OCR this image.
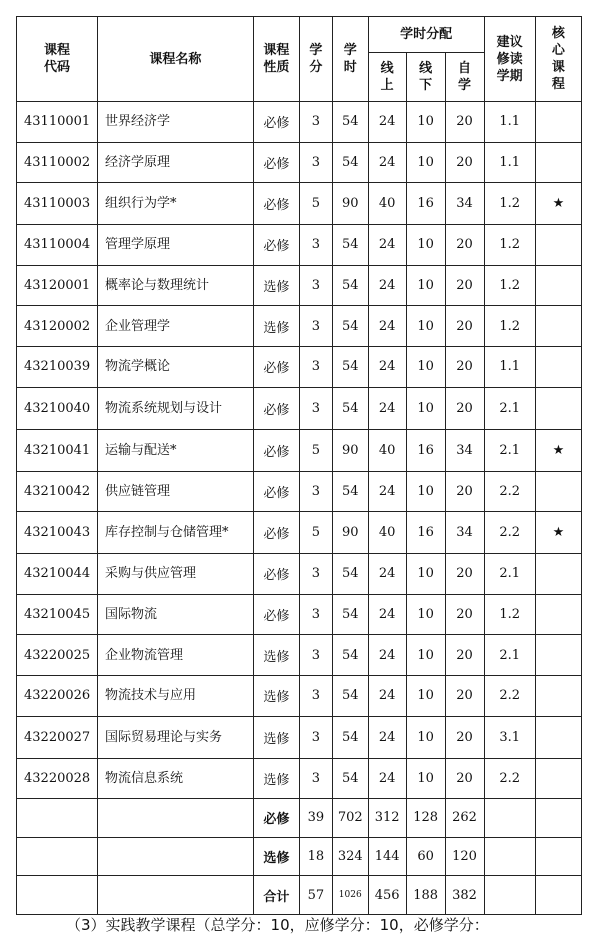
课程代码	课程名称	课程性质	学分	学时	学时分配			建议修读学期	核心课程
					线上	线下	自学		
43110001	世界经济学	必修	3	54	24	10	20	1.1	
43110002	经济学原理	必修	3	54	24	10	20	1.1	
43110003	组织行为学*	必修	5	90	40	16	34	1.2	★
43110004	管理学原理	必修	3	54	24	10	20	1.2	
43120001	概率论与数理统计	选修	3	54	24	10	20	1.2	
43120002	企业管理学	选修	3	54	24	10	20	1.2	
43210039	物流学概论	必修	3	54	24	10	20	1.1	
43210040	物流系统规划与设计	必修	3	54	24	10	20	2.1	
43210041	运输与配送*	必修	5	90	40	16	34	2.1	★
43210042	供应链管理	必修	3	54	24	10	20	2.2	
43210043	库存控制与仓储管理*	必修	5	90	40	16	34	2.2	★
43210044	采购与供应管理	必修	3	54	24	10	20	2.1	
43210045	国际物流	必修	3	54	24	10	20	1.2	
43220025	企业物流管理	选修	3	54	24	10	20	2.1	
43220026	物流技术与应用	选修	3	54	24	10	20	2.2	
43220027	国际贸易理论与实务	选修	3	54	24	10	20	3.1	
43220028	物流信息系统	选修	3	54	24	10	20	2.2	
		必修	39	702	312	128	262		
		选修	18	324	144	60	120		
		合计	57	1026	456	188	382		
（3）实践教学课程（总学分：10，应修学分：10，必修学分：
